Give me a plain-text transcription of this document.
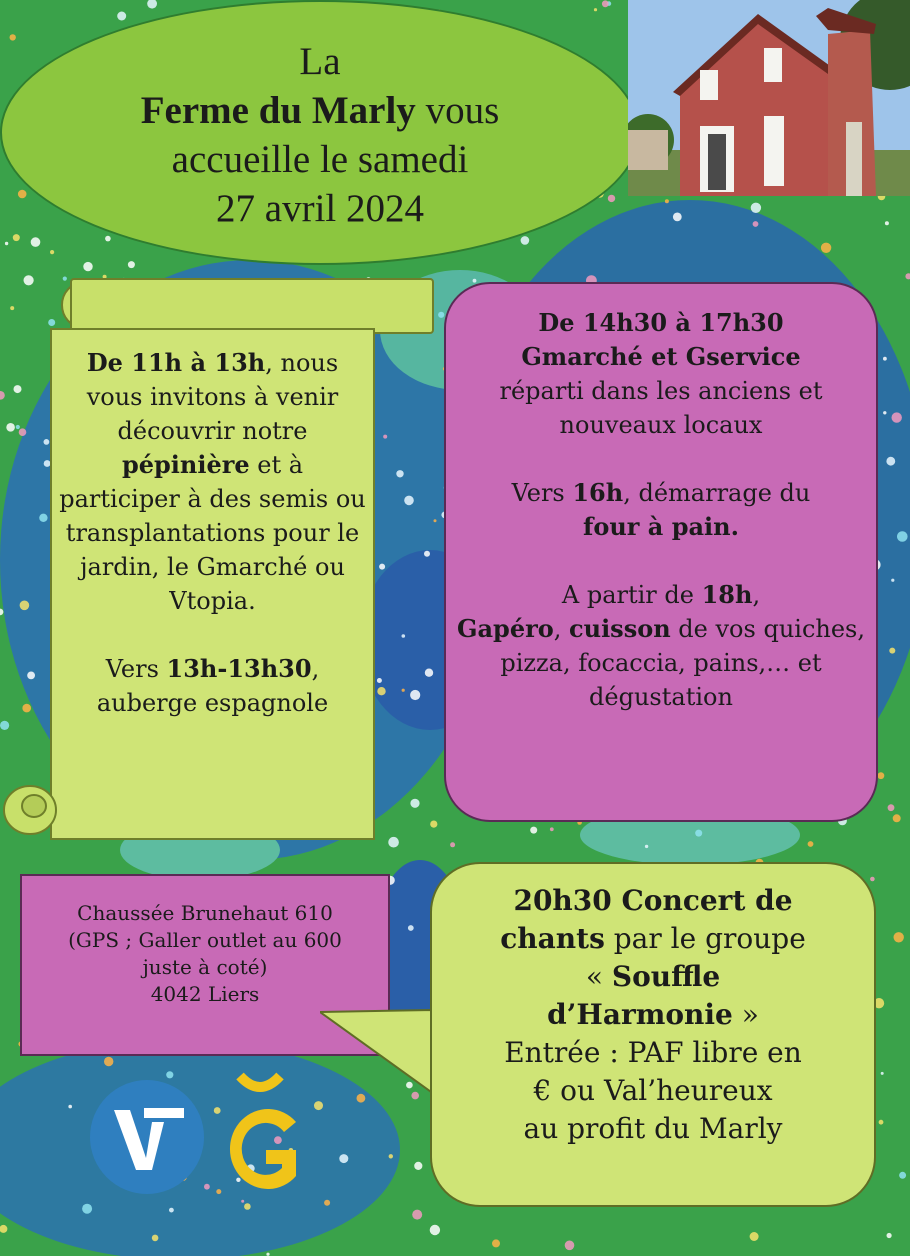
La
Ferme du Marly vous
accueille le samedi
27 avril 2024

De 11h à 13h, nous vous invitons à venir découvrir notre pépinière et à participer à des semis ou transplantations pour le jardin, le Gmarché ou Vtopia.

Vers 13h-13h30,
auberge espagnole

De 14h30 à 17h30
Gmarché et Gservice

réparti dans les anciens et nouveaux locaux

Vers 16h, démarrage du
four à pain.

A partir de 18h,
Gapéro, cuisson de vos quiches, pizza, focaccia, pains,… et dégustation

Chaussée Brunehaut 610
(GPS ; Galler outlet au 600
juste à coté)
4042 Liers
20h30 Concert de
chants par le groupe
« Souffle
d’Harmonie »
Entrée : PAF libre en
€ ou Val’heureux
au profit du Marly
